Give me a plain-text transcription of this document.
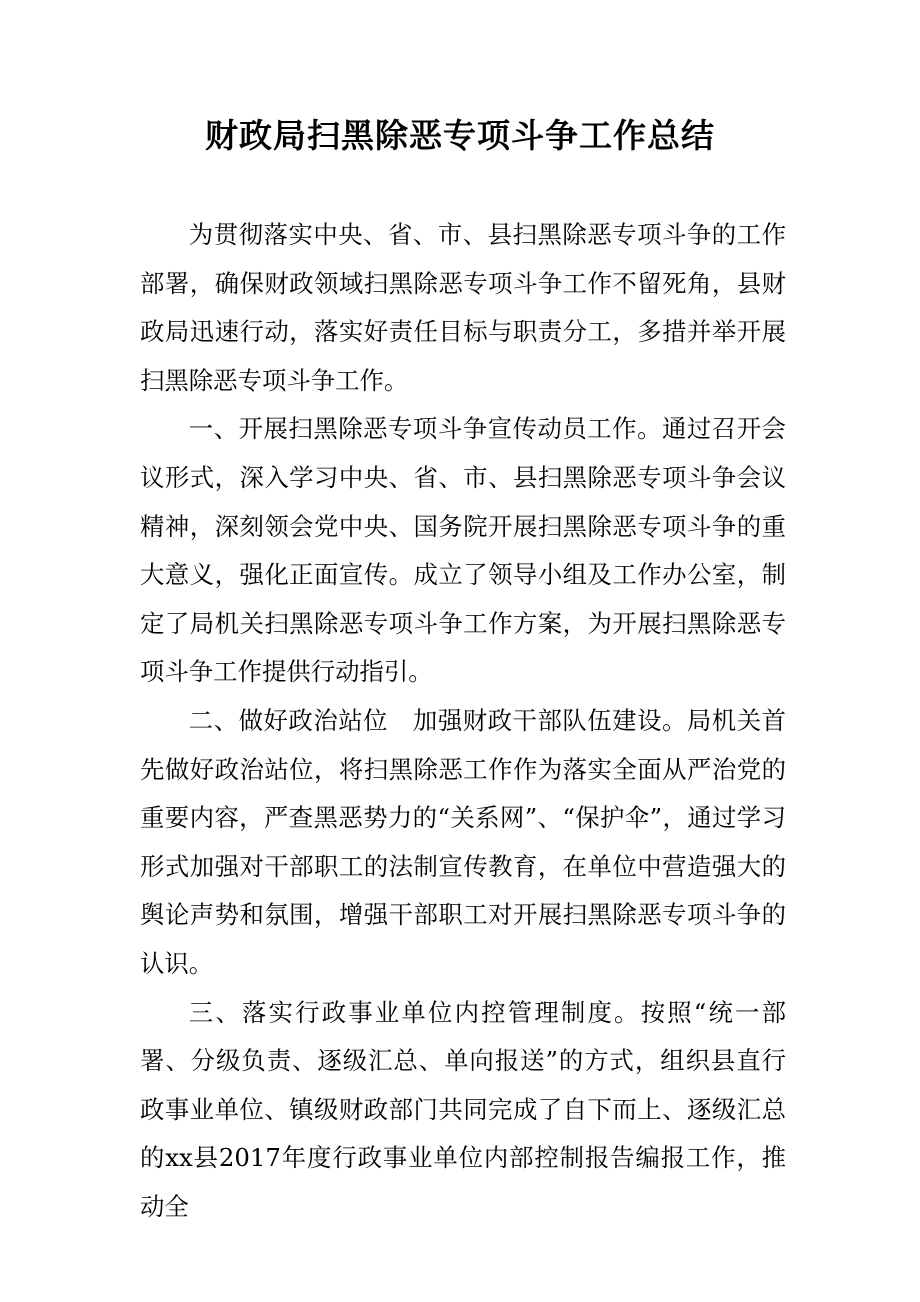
财政局扫黑除恶专项斗争工作总结

为贯彻落实中央、省、市、县扫黑除恶专项斗争的工作部署，确保财政领域扫黑除恶专项斗争工作不留死角，县财政局迅速行动，落实好责任目标与职责分工，多措并举开展扫黑除恶专项斗争工作。

一、开展扫黑除恶专项斗争宣传动员工作。通过召开会议形式，深入学习中央、省、市、县扫黑除恶专项斗争会议精神，深刻领会党中央、国务院开展扫黑除恶专项斗争的重大意义，强化正面宣传。成立了领导小组及工作办公室，制定了局机关扫黑除恶专项斗争工作方案，为开展扫黑除恶专项斗争工作提供行动指引。

二、做好政治站位　加强财政干部队伍建设。局机关首先做好政治站位，将扫黑除恶工作作为落实全面从严治党的重要内容，严查黑恶势力的“关系网”、“保护伞”，通过学习形式加强对干部职工的法制宣传教育，在单位中营造强大的舆论声势和氛围，增强干部职工对开展扫黑除恶专项斗争的认识。

三、落实行政事业单位内控管理制度。按照“统一部署、分级负责、逐级汇总、单向报送”的方式，组织县直行政事业单位、镇级财政部门共同完成了自下而上、逐级汇总的xx县2017年度行政事业单位内部控制报告编报工作，推动全
